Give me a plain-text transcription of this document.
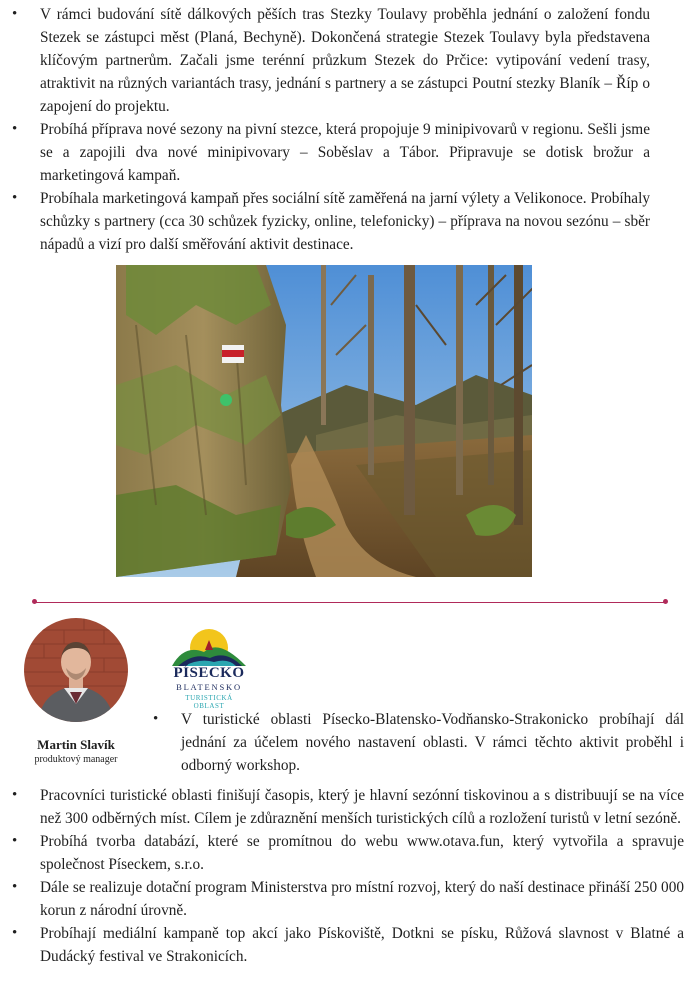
• V rámci budování sítě dálkových pěších tras Stezky Toulavy proběhla jednání o založení fondu Stezek se zástupci měst (Planá, Bechyně). Dokončená strategie Stezek Toulavy byla představena klíčovým partnerům. Začali jsme terénní průzkum Stezek do Prčice: vytipování vedení trasy, atraktivit na různých variantách trasy, jednání s partnery a se zástupci Poutní stezky Blaník – Říp o zapojení do projektu.
• Probíhá příprava nové sezony na pivní stezce, která propojuje 9 minipivovarů v regionu. Sešli jsme se a zapojili dva nové minipivovary – Soběslav a Tábor. Připravuje se dotisk brožur a marketingová kampaň.
• Probíhala marketingová kampaň přes sociální sítě zaměřená na jarní výlety a Velikonoce. Probíhaly schůzky s partnery (cca 30 schůzek fyzicky, online, telefonicky) – příprava na novou sezónu – sběr nápadů a vizí pro další směřování aktivit destinace.
Martin Slavík
produktový manager
PÍSECKO
BLATENSKO
TURISTICKÁ
OBLAST
• V turistické oblasti Písecko-Blatensko-Vodňansko-Strakonicko probíhají dál jednání za účelem nového nastavení oblasti. V rámci těchto aktivit proběhl i odborný workshop.
• Pracovníci turistické oblasti finišují časopis, který je hlavní sezónní tiskovinou a s distribuují se na více než 300 odběrných míst. Cílem je zdůraznění menších turistických cílů a rozložení turistů v letní sezóně.
• Probíhá tvorba databází, které se promítnou do webu www.otava.fun, který vytvořila a spravuje společnost Píseckem, s.r.o.
• Dále se realizuje dotační program Ministerstva pro místní rozvoj, který do naší destinace přináší 250 000 korun z národní úrovně.
• Probíhají mediální kampaně top akcí jako Pískoviště, Dotkni se písku, Růžová slavnost v Blatné a Dudácký festival ve Strakonicích.
